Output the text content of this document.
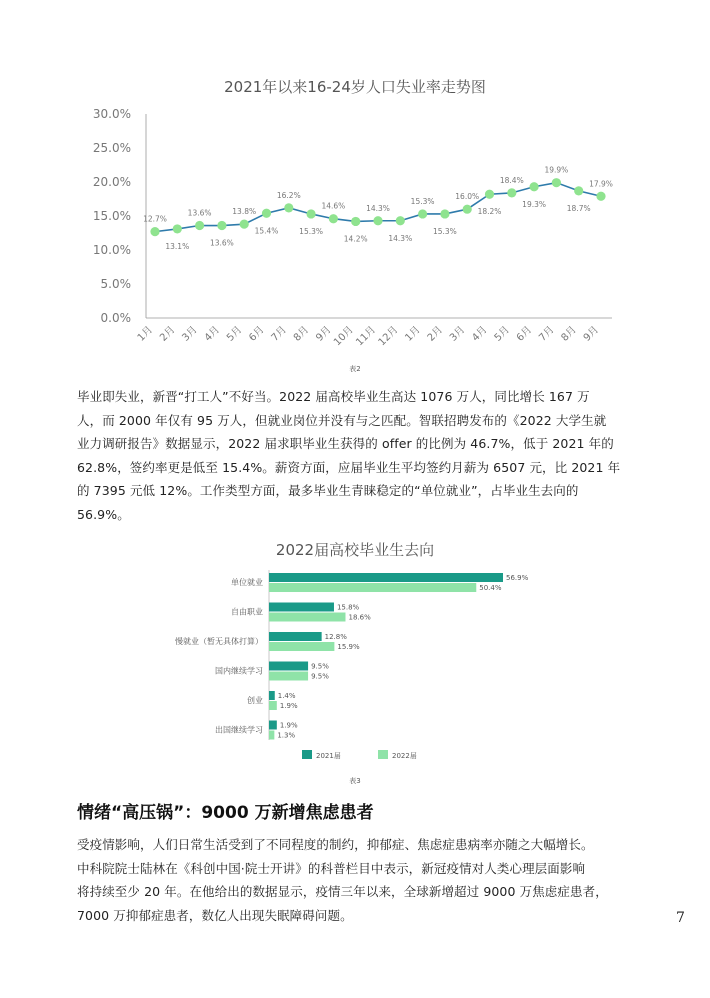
2021年以来16-24岁人口失业率走势图
0.0%
5.0%
10.0%
15.0%
20.0%
25.0%
30.0%
12.7%
13.1%
13.6%
13.6%
13.8%
15.4%
16.2%
15.3%
14.6%
14.2%
14.3%
14.3%
15.3%
15.3%
16.0%
18.2%
18.4%
19.3%
19.9%
18.7%
17.9%
1月 2月 3月 4月 5月 6月 7月 8月 9月
10月
11月
12月 1月 2月 3月 4月 5月 6月 7月 8月 9月
表2
毕业即失业，新晋“打工人”不好当。2022 届高校毕业生高达 1076 万人，同比增长 167 万
人，而 2000 年仅有 95 万人，但就业岗位并没有与之匹配。智联招聘发布的《2022 大学生就
业力调研报告》数据显示，2022 届求职毕业生获得的 offer 的比例为 46.7%，低于 2021 年的
62.8%，签约率更是低至 15.4%。薪资方面，应届毕业生平均签约月薪为 6507 元，比 2021 年
的 7395 元低 12%。工作类型方面，最多毕业生青睐稳定的“单位就业”，占毕业生去向的
56.9%。
2022届高校毕业生去向
单位就业
自由职业
慢就业（暂无具体打算）
国内继续学习
创业
出国继续学习
56.9%
50.4%
15.8%
18.6%
12.8%
15.9%
9.5%
9.5%
1.4%
1.9%
1.9%
1.3%
2021届	2022届
表3
情绪“高压锅”：9000 万新增焦虑患者
受疫情影响，人们日常生活受到了不同程度的制约，抑郁症、焦虑症患病率亦随之大幅增长。
中科院院士陆林在《科创中国·院士开讲》的科普栏目中表示，新冠疫情对人类心理层面影响
将持续至少 20 年。在他给出的数据显示，疫情三年以来，全球新增超过 9000 万焦虑症患者，
7000 万抑郁症患者，数亿人出现失眠障碍问题。	7
